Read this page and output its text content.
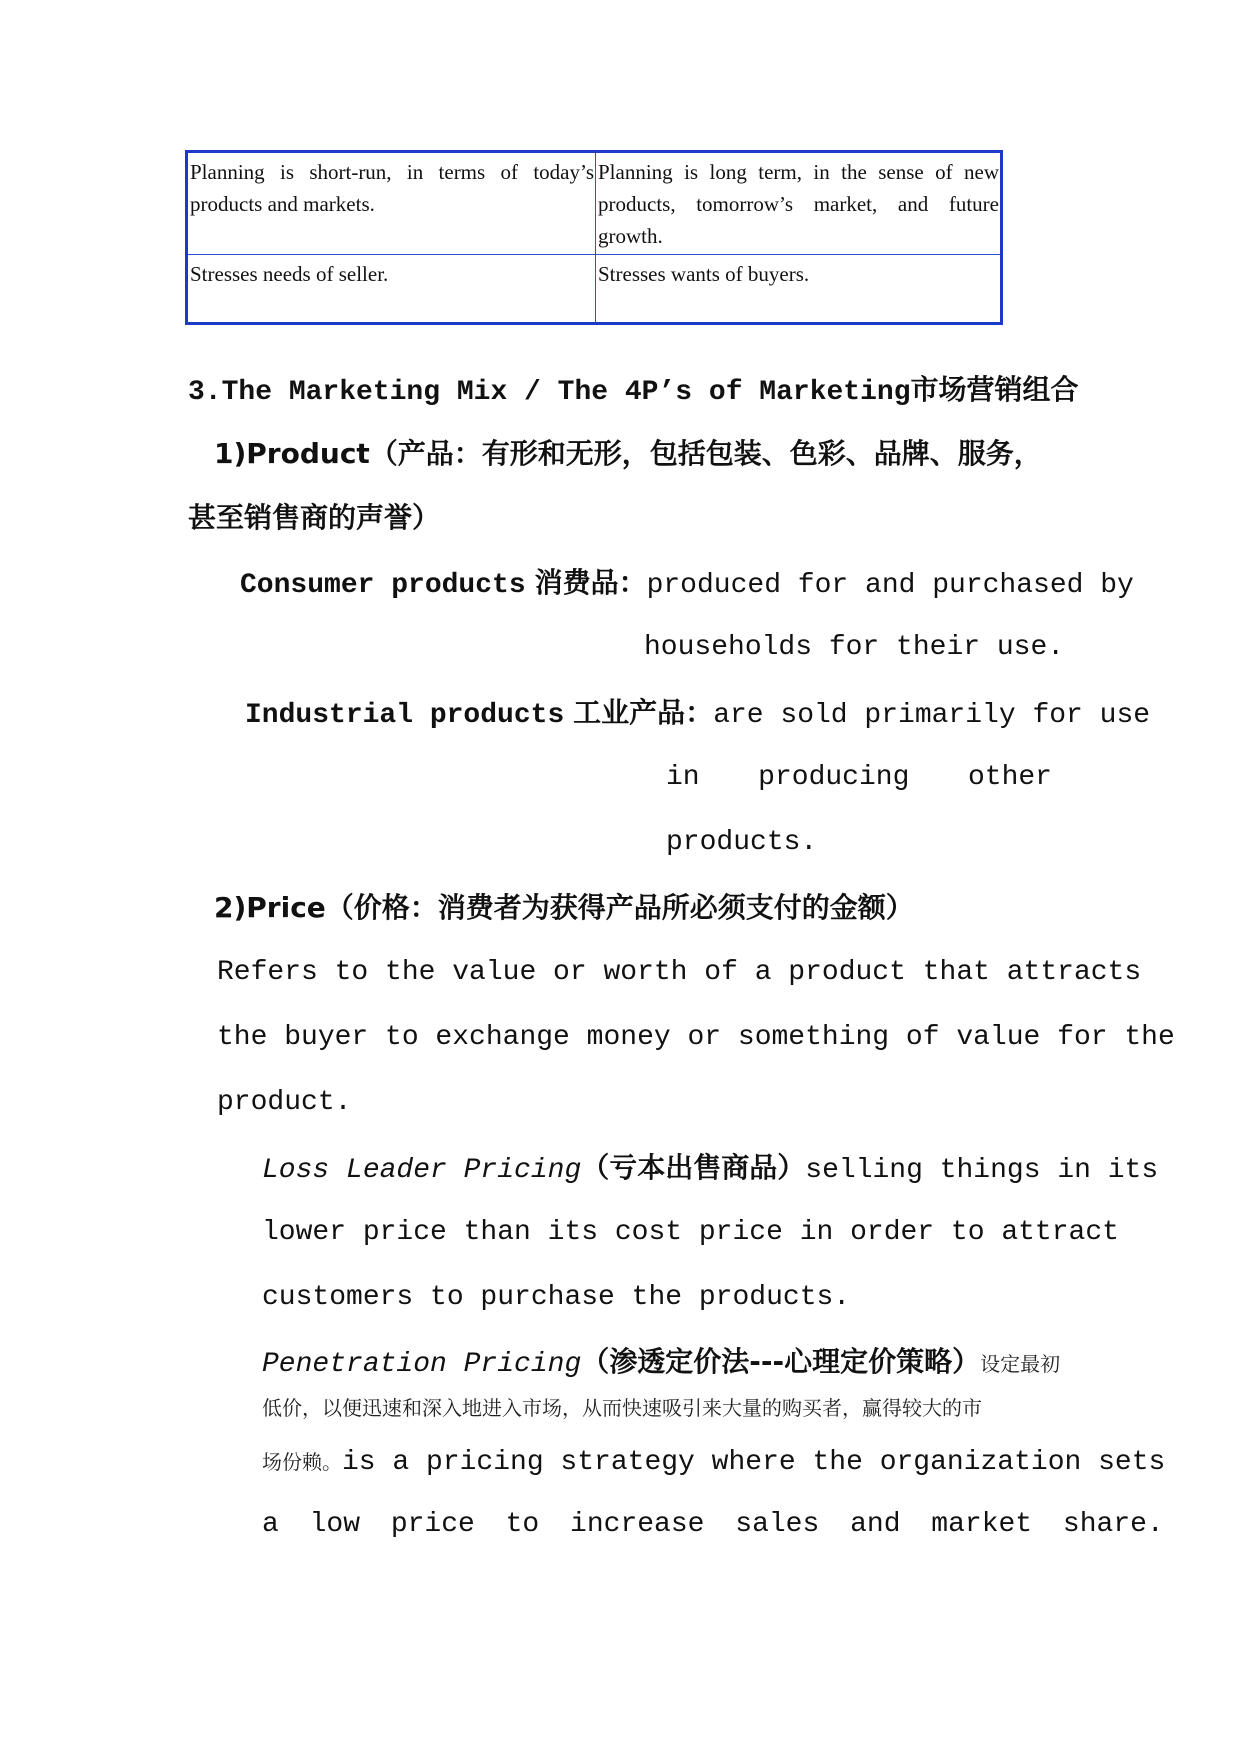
Planning is short-run, in terms of today’s products and markets.	Planning is long term, in the sense of new products, tomorrow’s market, and future growth.
Stresses needs of seller.	Stresses wants of buyers.
3.The Marketing Mix / The 4P’s of Marketing市场营销组合
1)Product（产品：有形和无形，包括包装、色彩、品牌、服务，
甚至销售商的声誉）
Consumer products 消费品：produced for and purchased by
households for their use.
Industrial products 工业产品：are sold primarily for use
in producing other
products.
2)Price（价格：消费者为获得产品所必须支付的金额）
Refers to the value or worth of a product that attracts
the buyer to exchange money or something of value for the
product.
Loss Leader Pricing（亏本出售商品）selling things in its
lower price than its cost price in order to attract
customers to purchase the products.
Penetration Pricing（渗透定价法---心理定价策略）设定最初
低价，以便迅速和深入地进入市场，从而快速吸引来大量的购买者，赢得较大的市
场份赖。is a pricing strategy where the organization sets
a low price to increase sales and market share.
